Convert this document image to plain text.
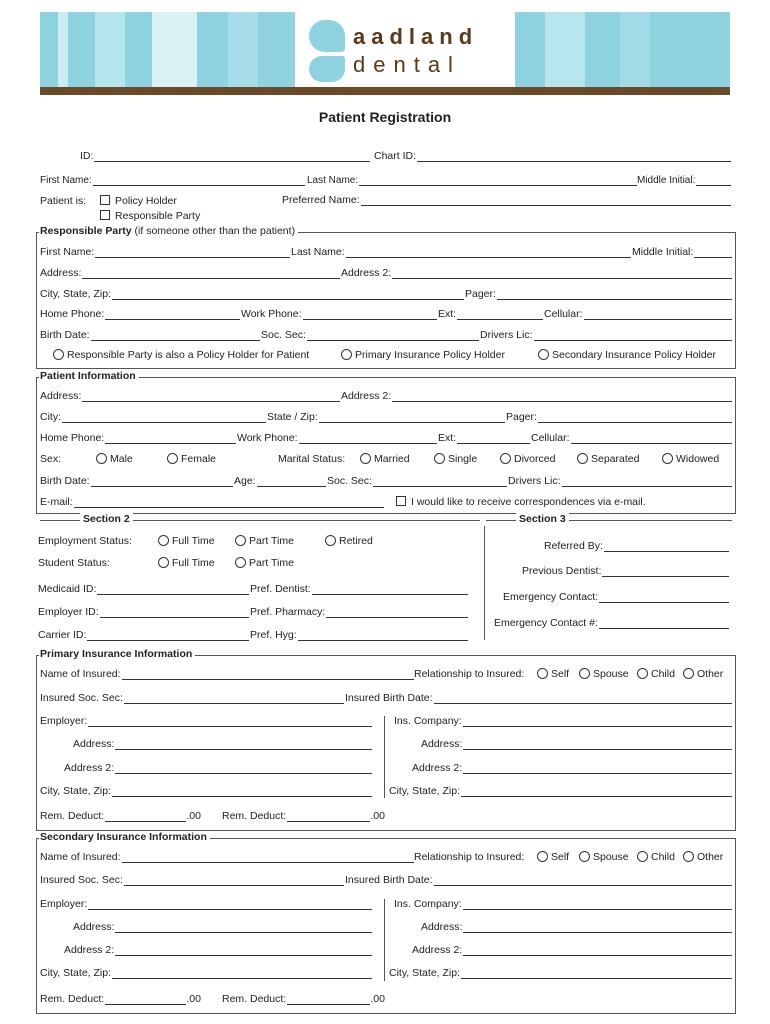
aadland
dental
Patient Registration
ID:	Chart ID:
First Name:	Last Name:	Middle Initial:
Patient is:	Policy Holder
Responsible Party
Preferred Name:
Responsible Party (if someone other than the patient)
First Name:	Last Name:	Middle Initial:
Address:	Address 2:
City, State, Zip:	Pager:
Home Phone:	Work Phone:	Ext:	Cellular:
Birth Date:	Soc. Sec:	Drivers Lic:
Responsible Party is also a Policy Holder for Patient	Primary Insurance Policy Holder	Secondary Insurance Policy Holder
Patient Information
Address:	Address 2:
City:	State / Zip:	Pager:
Home Phone:	Work Phone:	Ext:	Cellular:
Sex:	Male	Female	Marital Status:	Married	Single	Divorced	Separated	Widowed
Birth Date:	Age:	Soc. Sec:	Drivers Lic:
E-mail:	I would like to receive correspondences via e-mail.
Section 2	Section 3
Employment Status:	Full Time	Part Time	Retired
Student Status:	Full Time	Part Time
Medicaid ID:	Pref. Dentist:
Employer ID:	Pref. Pharmacy:
Carrier ID:	Pref. Hyg:
Referred By:
Previous Dentist:
Emergency Contact:
Emergency Contact #:
Primary Insurance Information
Name of Insured:	Relationship to Insured:	Self	Spouse	Child	Other
Insured Soc. Sec:	Insured Birth Date:
Employer:	Ins. Company:
Address:	Address:
Address 2:	Address 2:
City, State, Zip:	City, State, Zip:
Rem. Deduct:	.00 Rem. Deduct:	.00
Secondary Insurance Information
Name of Insured:	Relationship to Insured:	Self	Spouse	Child	Other
Insured Soc. Sec:	Insured Birth Date:
Employer:	Ins. Company:
Address:	Address:
Address 2:	Address 2:
City, State, Zip:	City, State, Zip:
Rem. Deduct:	.00 Rem. Deduct:	.00
